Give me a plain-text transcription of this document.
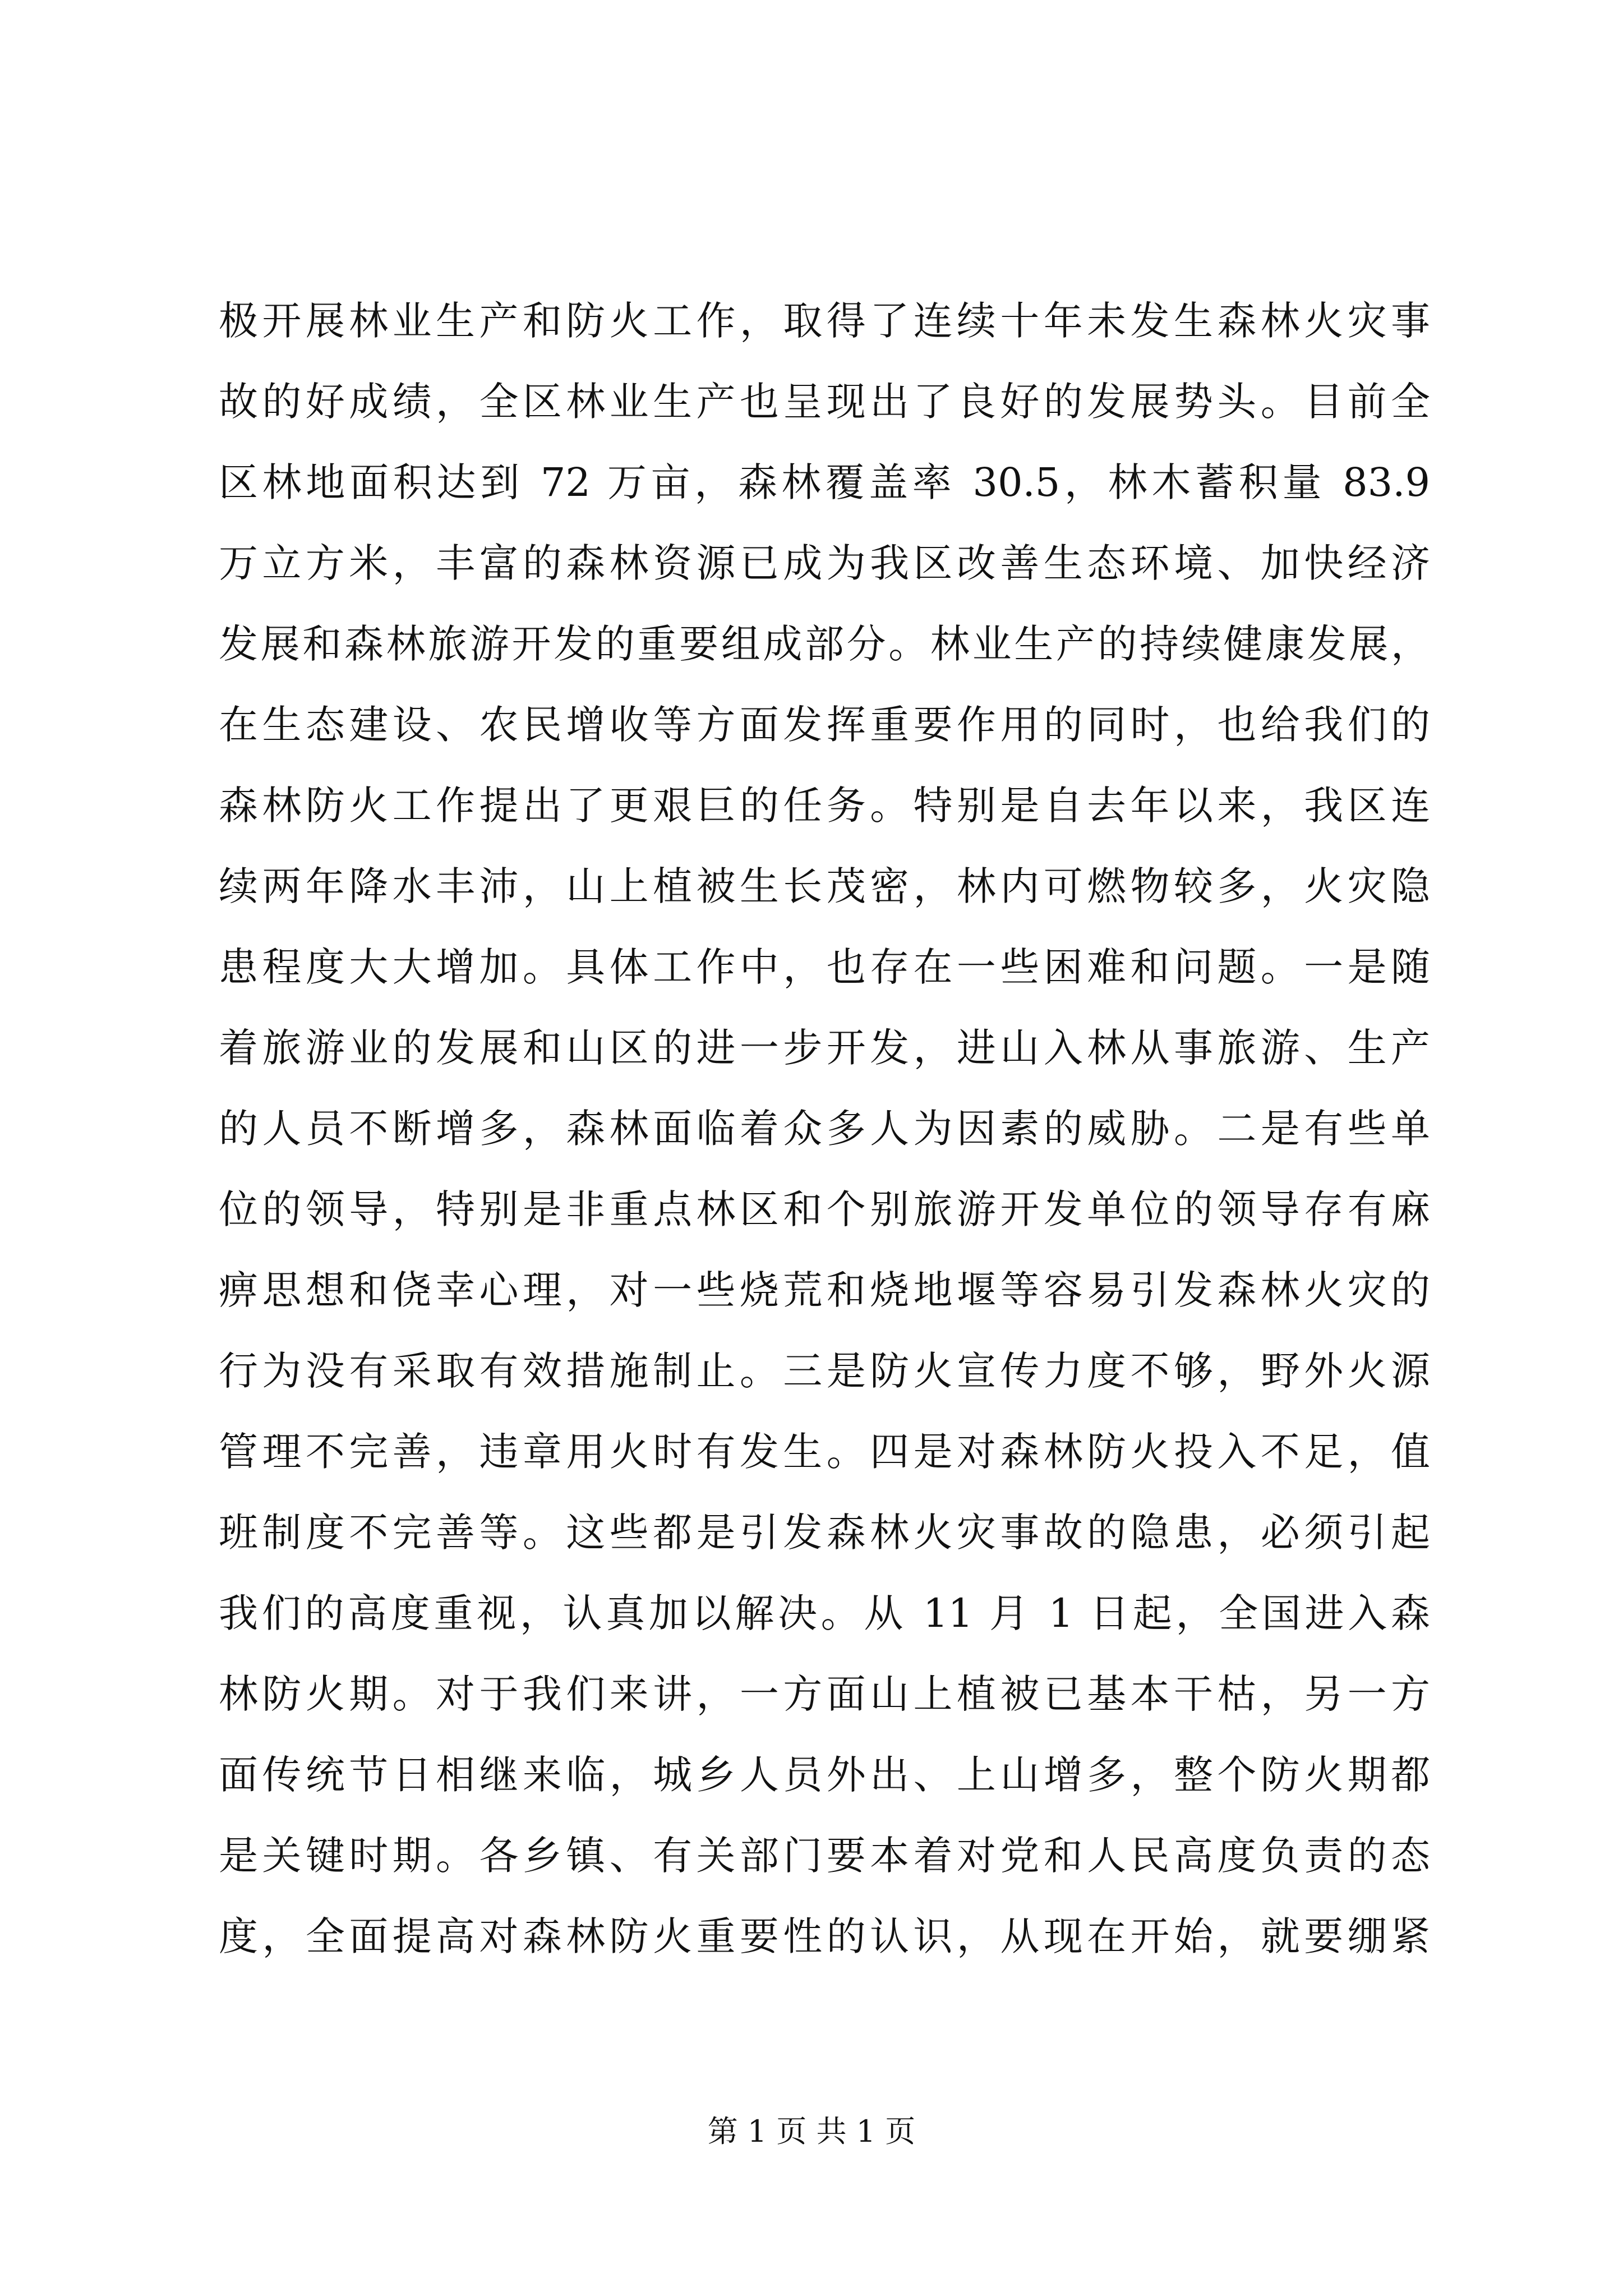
极开展林业生产和防火工作，取得了连续十年未发生森林火灾事
故的好成绩，全区林业生产也呈现出了良好的发展势头。目前全
区林地面积达到 72 万亩，森林覆盖率 30.5，林木蓄积量 83.9
万立方米，丰富的森林资源已成为我区改善生态环境、加快经济
发展和森林旅游开发的重要组成部分。林业生产的持续健康发展，
在生态建设、农民增收等方面发挥重要作用的同时，也给我们的
森林防火工作提出了更艰巨的任务。特别是自去年以来，我区连
续两年降水丰沛，山上植被生长茂密，林内可燃物较多，火灾隐
患程度大大增加。具体工作中，也存在一些困难和问题。一是随
着旅游业的发展和山区的进一步开发，进山入林从事旅游、生产
的人员不断增多，森林面临着众多人为因素的威胁。二是有些单
位的领导，特别是非重点林区和个别旅游开发单位的领导存有麻
痹思想和侥幸心理，对一些烧荒和烧地堰等容易引发森林火灾的
行为没有采取有效措施制止。三是防火宣传力度不够，野外火源
管理不完善，违章用火时有发生。四是对森林防火投入不足，值
班制度不完善等。这些都是引发森林火灾事故的隐患，必须引起
我们的高度重视，认真加以解决。从 11 月 1 日起，全国进入森
林防火期。对于我们来讲，一方面山上植被已基本干枯，另一方
面传统节日相继来临，城乡人员外出、上山增多，整个防火期都
是关键时期。各乡镇、有关部门要本着对党和人民高度负责的态
度，全面提高对森林防火重要性的认识，从现在开始，就要绷紧
第 1 页 共 1 页
